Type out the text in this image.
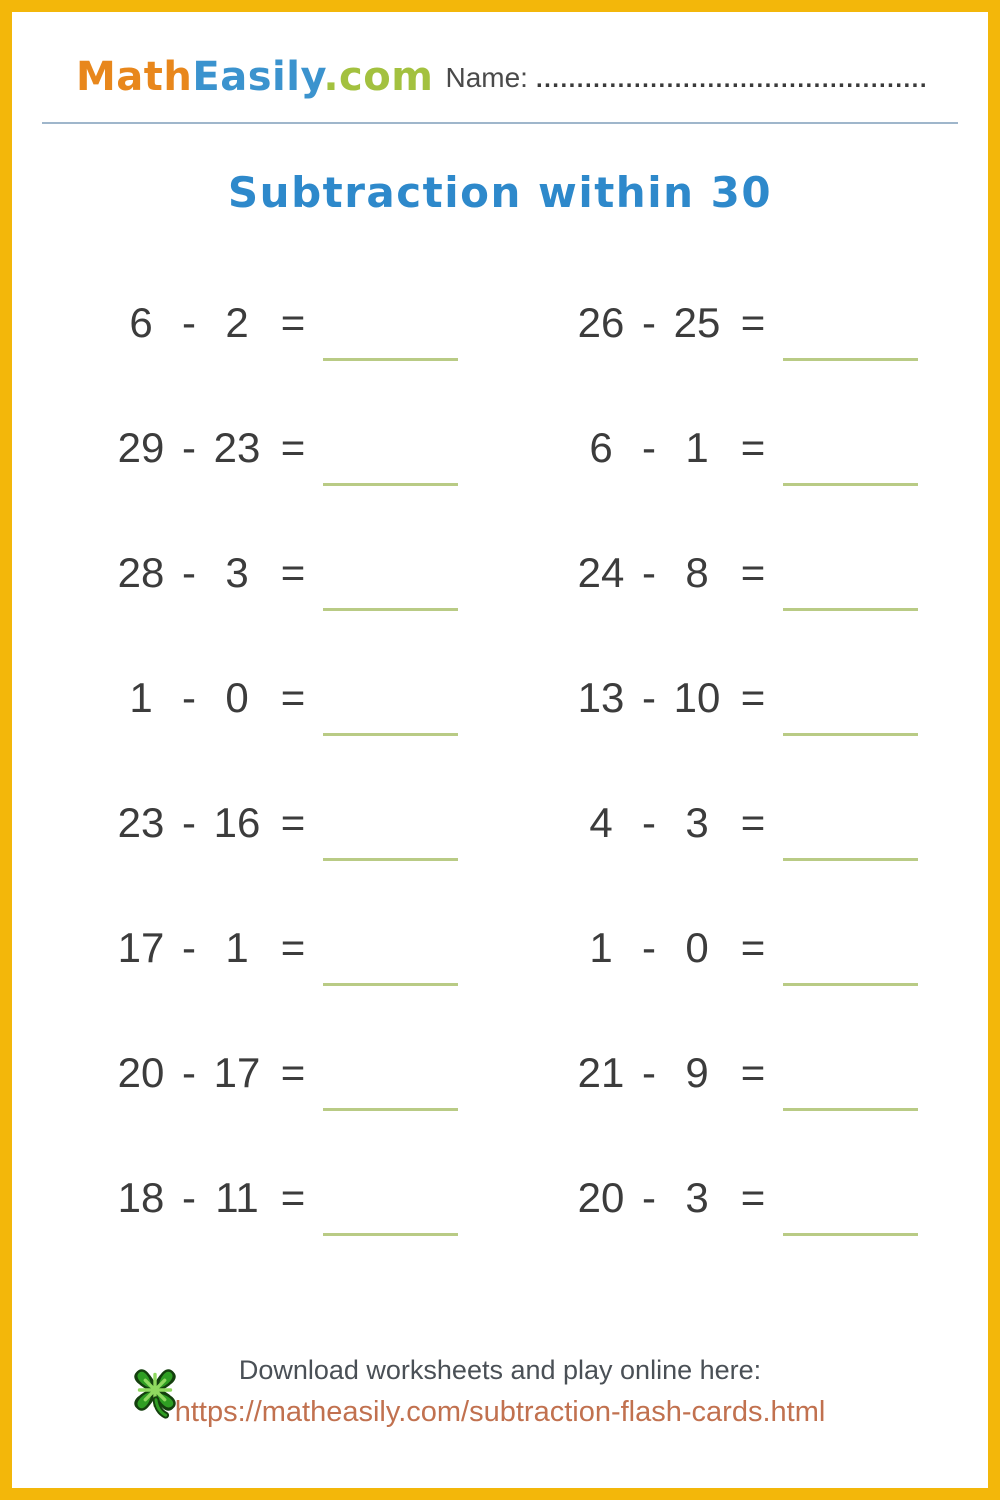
MathEasily.com Name: ................................................
Subtraction within 30
6 - 2 =	26 - 25 =
29 - 23 =	6 - 1 =
28 - 3 =	24 - 8 =
1 - 0 =	13 - 10 =
23 - 16 =	4 - 3 =
17 - 1 =	1 - 0 =
20 - 17 =	21 - 9 =
18 - 11 =	20 - 3 =
Download worksheets and play online here:
https://matheasily.com/subtraction-flash-cards.html
